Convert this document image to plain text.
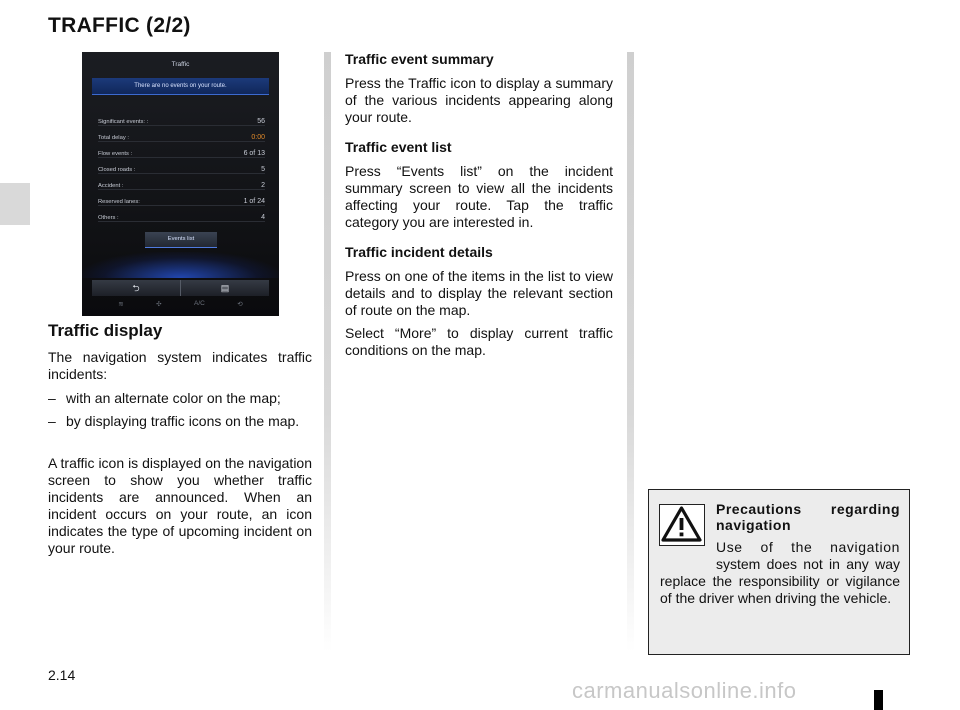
TRAFFIC (2/2)
Traffic
There are no events on your route.
Significant events: :	56
Total delay :	0:00
Flow events :	6 of 13
Closed roads :	5
Accident :	2
Reserved lanes:	1 of 24
Others :	4
Events list
⮌	▤
≋	✣	A/C	⟲
Traffic display

The navigation system indicates traffic incidents:

– with an alternate color on the map;
– by displaying traffic icons on the map.

A traffic icon is displayed on the navigation screen to show you whether traffic incidents are announced. When an incident occurs on your route, an icon indicates the type of upcoming incident on your route.

Traffic event summary

Press the Traffic icon to display a summary of the various incidents appearing along your route.

Traffic event list

Press “Events list” on the incident summary screen to view all the incidents affecting your route. Tap the traffic category you are interested in.

Traffic incident details

Press on one of the items in the list to view details and to display the relevant section of route on the map.

Select “More” to display current traffic conditions on the map.

Precautions regarding navigation
Use of the navigation
system does not in any way
replace the responsibility or vigilance of the driver when driving the vehicle.
2.14
carmanualsonline.info
